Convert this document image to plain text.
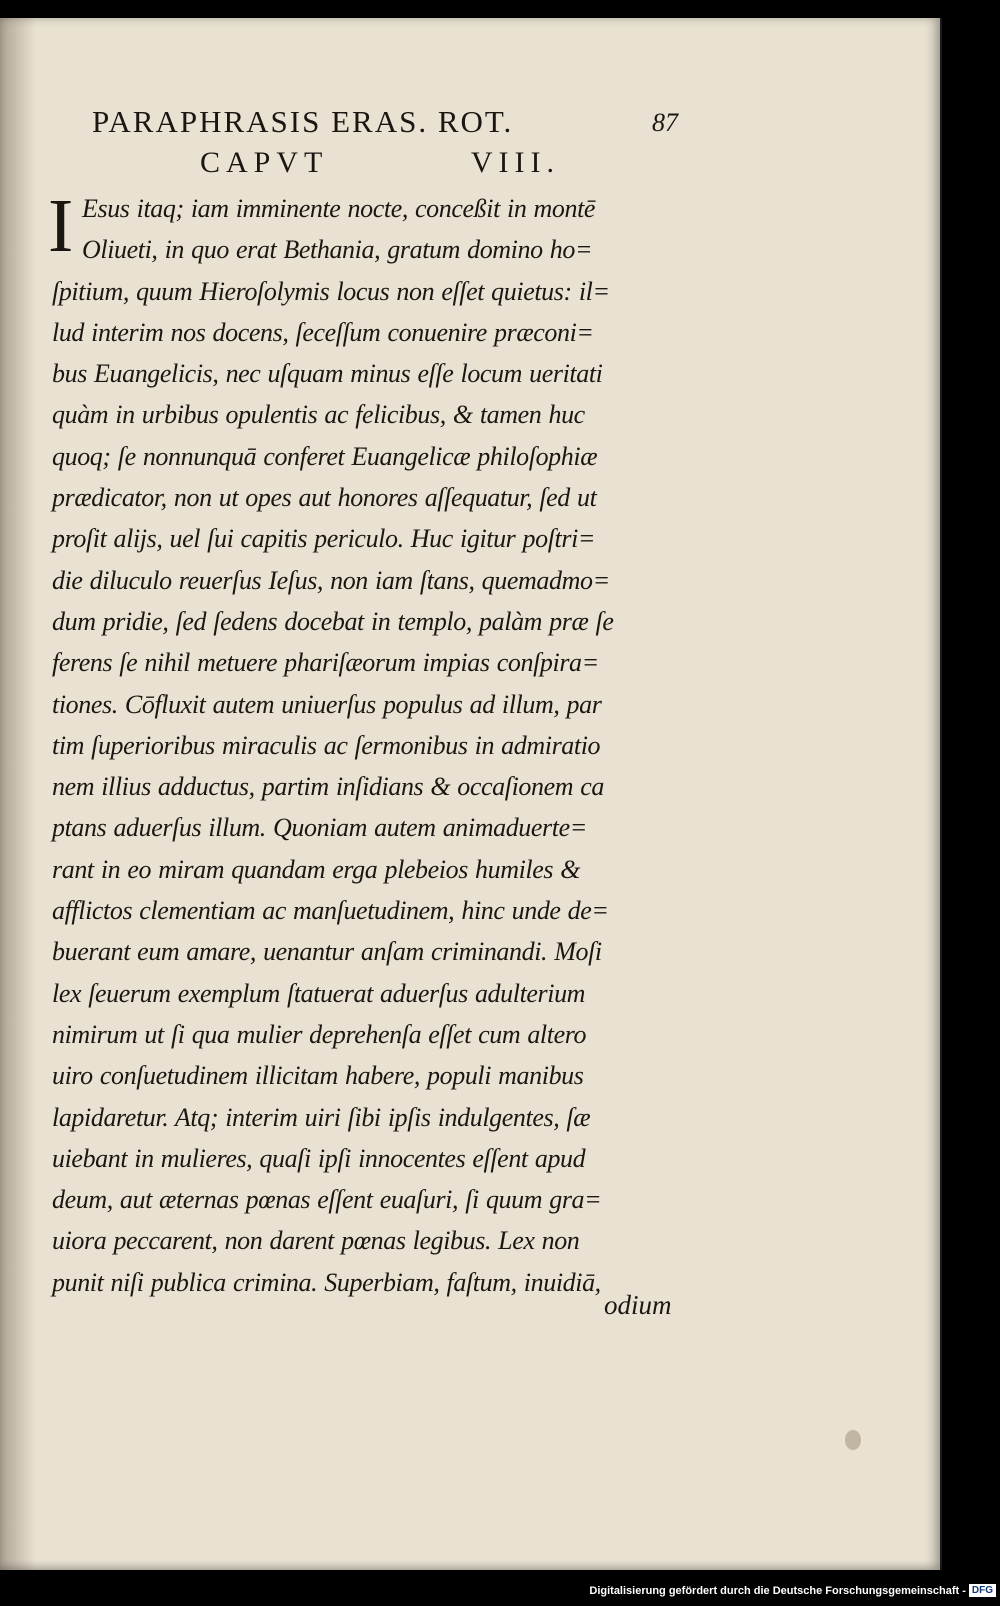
PARAPHRASIS ERAS. ROT.	87
CAPVT	VIII.
I Esus itaq; iam imminente nocte, conceßit in montē
Oliueti, in quo erat Bethania, gratum domino ho=
ſpitium, quum Hieroſolymis locus non eſſet quietus: il=
lud interim nos docens, ſeceſſum conuenire præconi=
bus Euangelicis, nec uſquam minus eſſe locum ueritati
quàm in urbibus opulentis ac felicibus, & tamen huc
quoq; ſe nonnunquā conferet Euangelicæ philoſophiæ
prædicator, non ut opes aut honores aſſequatur, ſed ut
proſit alijs, uel ſui capitis periculo. Huc igitur poſtri=
die diluculo reuerſus Ieſus, non iam ſtans, quemadmo=
dum pridie, ſed ſedens docebat in templo, palàm præ ſe
ferens ſe nihil metuere phariſæorum impias conſpira=
tiones. Cōfluxit autem uniuerſus populus ad illum, par
tim ſuperioribus miraculis ac ſermonibus in admiratio
nem illius adductus, partim inſidians & occaſionem ca
ptans aduerſus illum. Quoniam autem animaduerte=
rant in eo miram quandam erga plebeios humiles &
afflictos clementiam ac manſuetudinem, hinc unde de=
buerant eum amare, uenantur anſam criminandi. Moſi
lex ſeuerum exemplum ſtatuerat aduerſus adulterium
nimirum ut ſi qua mulier deprehenſa eſſet cum altero
uiro conſuetudinem illicitam habere, populi manibus
lapidaretur. Atq; interim uiri ſibi ipſis indulgentes, ſæ
uiebant in mulieres, quaſi ipſi innocentes eſſent apud
deum, aut æternas pœnas eſſent euaſuri, ſi quum gra=
uiora peccarent, non darent pœnas legibus. Lex non
punit niſi publica crimina. Superbiam, faſtum, inuidiā,
odium
Digitalisierung gefördert durch die Deutsche Forschungsgemeinschaft - DFG
